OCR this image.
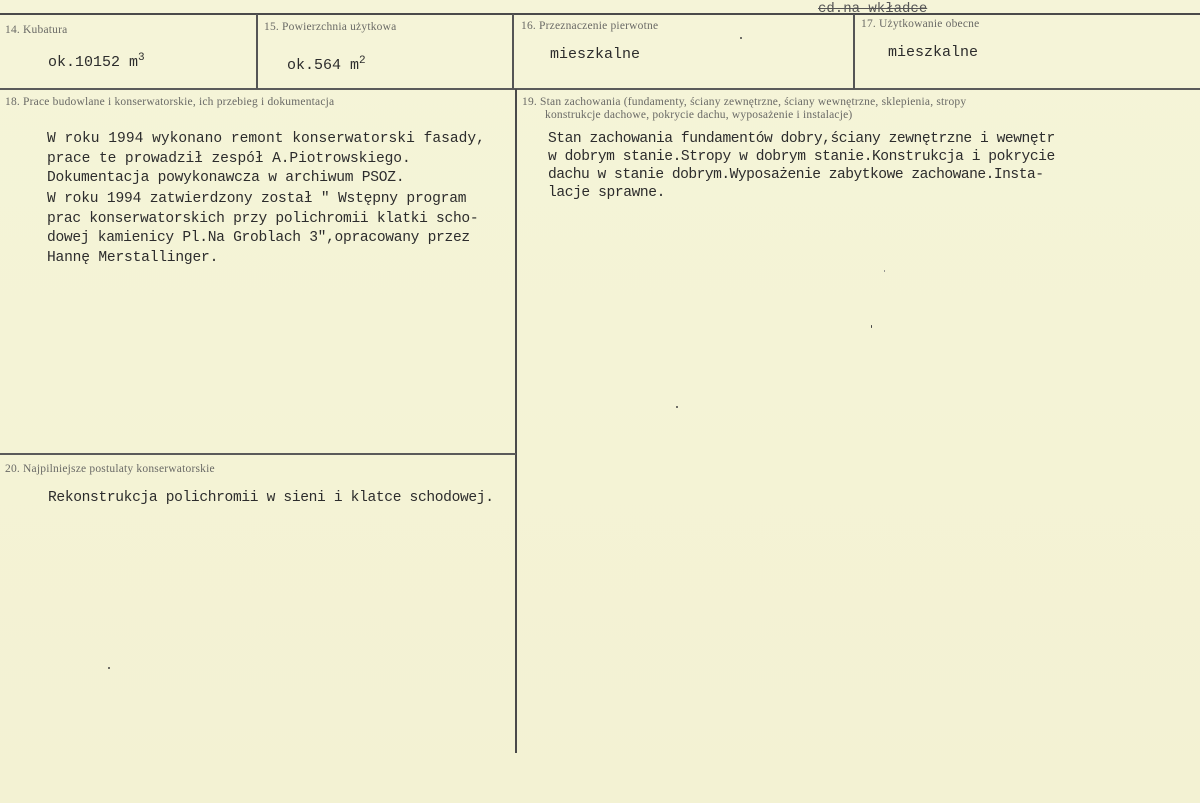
cd.na wkładce
14. Kubatura
ok.10152 $m^3$
15. Powierzchnia użytkowa
ok.564 $m^2$
16. Przeznaczenie pierwotne
mieszkalne
17. Użytkowanie obecne
mieszkalne
18. Prace budowlane i konserwatorskie, ich przebieg i dokumentacja
W roku 1994 wykonano remont konserwatorski fasady,
prace te prowadził zespół A.Piotrowskiego.
Dokumentacja powykonawcza w archiwum PSOZ.
W roku 1994 zatwierdzony został " Wstępny program
prac konserwatorskich przy polichromii klatki scho-
dowej kamienicy Pl.Na Groblach 3",opracowany przez
Hannę Merstallinger.
19. Stan zachowania (fundamenty, ściany zewnętrzne, ściany wewnętrzne, sklepienia, stropy
konstrukcje dachowe, pokrycie dachu, wyposażenie i instalacje)
Stan zachowania fundamentów dobry,ściany zewnętrzne i wewnętr
w dobrym stanie.Stropy w dobrym stanie.Konstrukcja i pokrycie
dachu w stanie dobrym.Wyposażenie zabytkowe zachowane.Insta-
lacje sprawne.
20. Najpilniejsze postulaty konserwatorskie
Rekonstrukcja polichromii w sieni i klatce schodowej.
